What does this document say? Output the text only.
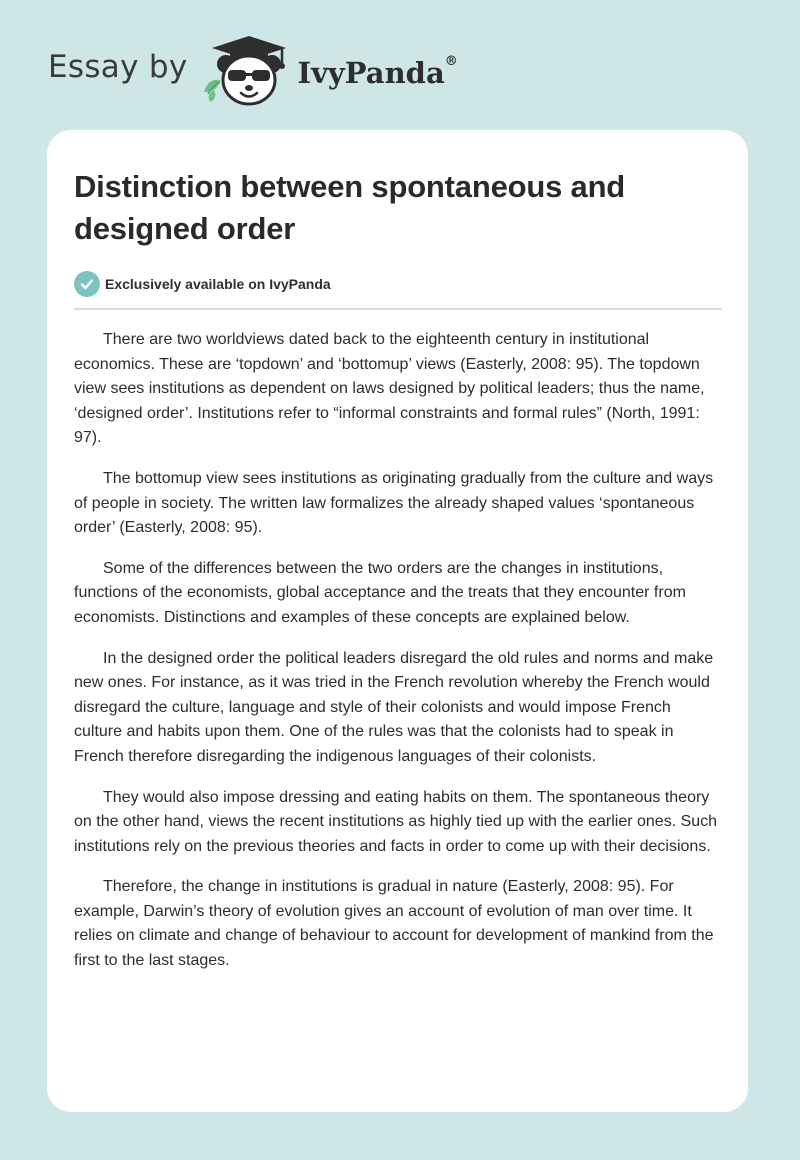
Essay by	IvyPanda®
Distinction between spontaneous and designed order
Exclusively available on IvyPanda

There are two worldviews dated back to the eighteenth century in institutional economics. These are ‘topdown’ and ‘bottomup’ views (Easterly, 2008: 95). The topdown view sees institutions as dependent on laws designed by political leaders; thus the name, ‘designed order’. Institutions refer to “informal constraints and formal rules” (North, 1991: 97).

The bottomup view sees institutions as originating gradually from the culture and ways of people in society. The written law formalizes the already shaped values ‘spontaneous order’ (Easterly, 2008: 95).

Some of the differences between the two orders are the changes in institutions, functions of the economists, global acceptance and the treats that they encounter from economists. Distinctions and examples of these concepts are explained below.

In the designed order the political leaders disregard the old rules and norms and make new ones. For instance, as it was tried in the French revolution whereby the French would disregard the culture, language and style of their colonists and would impose French culture and habits upon them. One of the rules was that the colonists had to speak in French therefore disregarding the indigenous languages of their colonists.

They would also impose dressing and eating habits on them. The spontaneous theory on the other hand, views the recent institutions as highly tied up with the earlier ones. Such institutions rely on the previous theories and facts in order to come up with their decisions.

Therefore, the change in institutions is gradual in nature (Easterly, 2008: 95). For example, Darwin’s theory of evolution gives an account of evolution of man over time. It relies on climate and change of behaviour to account for development of mankind from the first to the last stages.
